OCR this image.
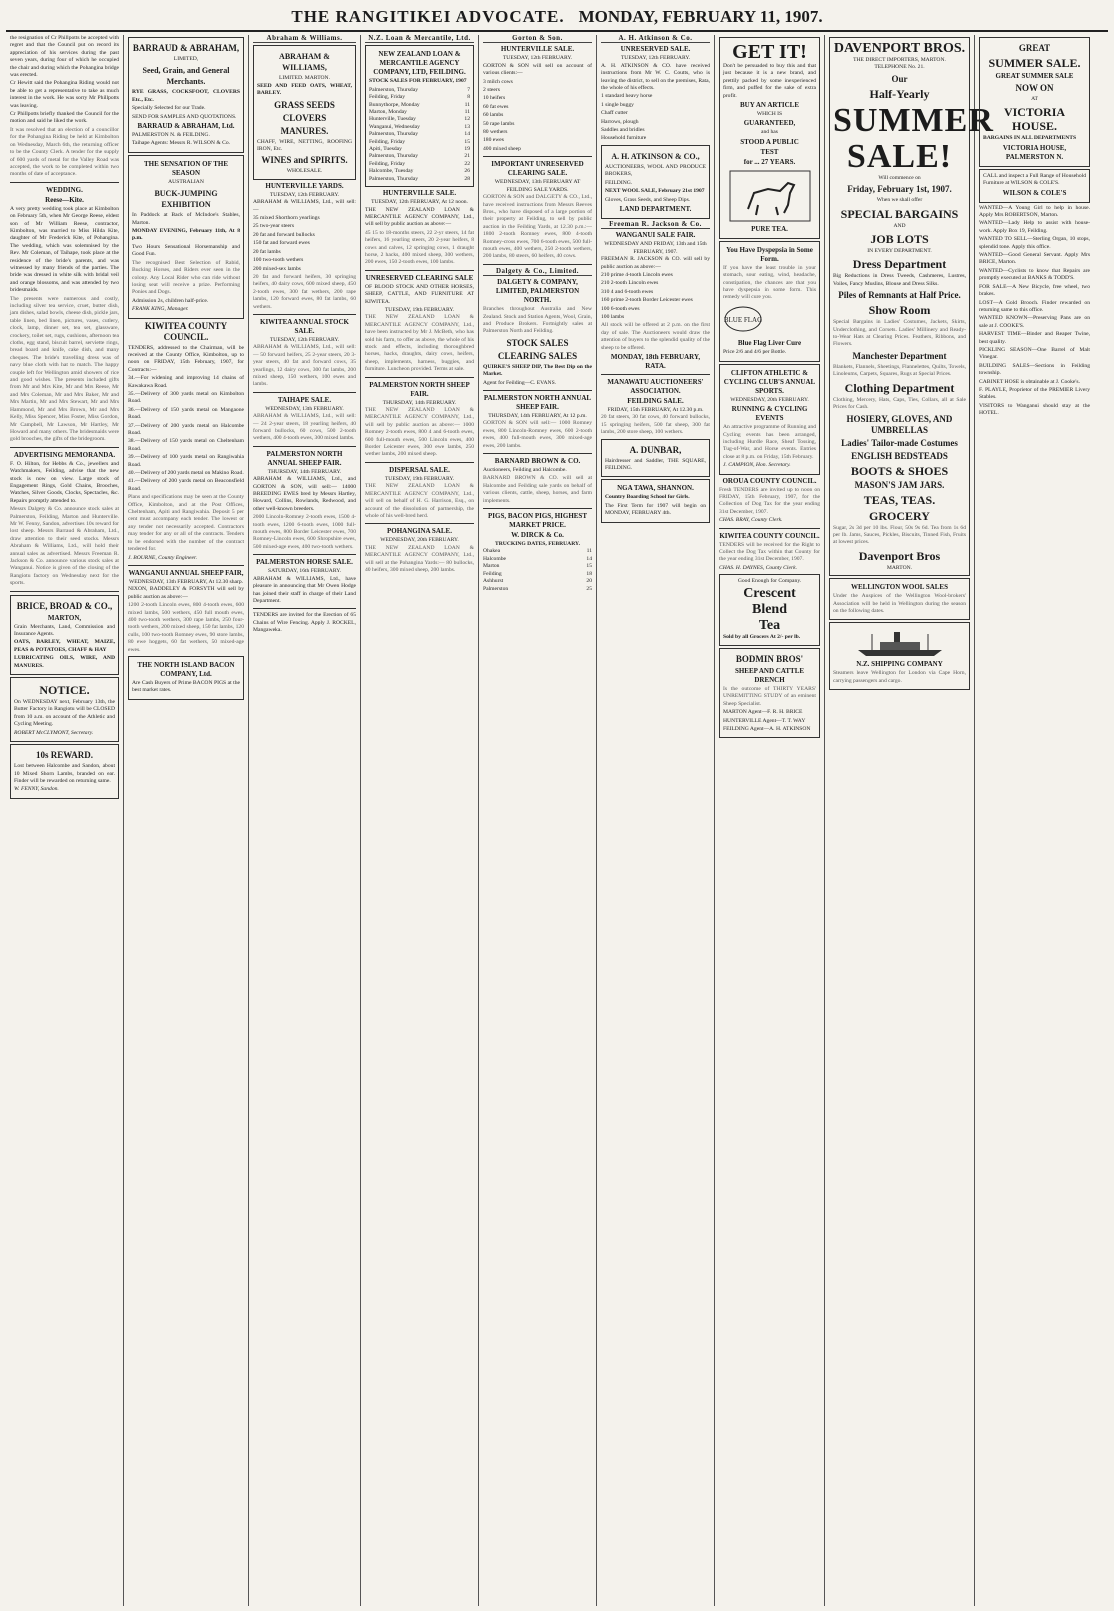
THE RANGITIKEI ADVOCATE. MONDAY, FEBRUARY 11, 1907.

the resignation of Cr Phillpotts be accepted with regret and that the Council put on record its appreciation of his services during the past seven years, during four of which he occupied the chair and during which the Pohangina bridge was erected.

Cr Hewitt said the Pohangina Riding would not be able to get a representative to take as much interest in the work. He was sorry Mr Phillpotts was leaving.

Cr Phillpotts briefly thanked the Council for the motion and said he liked the work.

It was resolved that an election of a councillor for the Pohangina Riding be held at Kimbolton on Wednesday, March 6th, the returning officer to be the County Clerk. A tender for the supply of 600 yards of metal for the Valley Road was accepted, the work to be completed within two months of date of acceptance.

WEDDING.
Reese—Kite.

A very pretty wedding took place at Kimbolton on February 5th, when Mr George Reese, eldest son of Mr William Reese, contractor, Kimbolton, was married to Miss Hilda Kite, daughter of Mr Frederick Kite, of Pohangina. The wedding, which was solemnised by the Rev. Mr Coleman, of Taihape, took place at the residence of the bride's parents, and was witnessed by many friends of the parties. The bride was dressed in white silk with bridal veil and orange blossoms, and was attended by two bridesmaids.

The presents were numerous and costly, including silver tea service, cruet, butter dish, jam dishes, salad bowls, cheese dish, pickle jars, table linen, bed linen, pictures, vases, cutlery, clock, lamp, dinner set, tea set, glassware, crockery, toilet set, rugs, cushions, afternoon tea cloths, egg stand, biscuit barrel, serviette rings, bread board and knife, cake dish, and many cheques. The bride's travelling dress was of navy blue cloth with hat to match. The happy couple left for Wellington amid showers of rice and good wishes. The presents included gifts from Mr and Mrs Kite, Mr and Mrs Reese, Mr and Mrs Coleman, Mr and Mrs Baker, Mr and Mrs Martin, Mr and Mrs Stewart, Mr and Mrs Hammond, Mr and Mrs Brown, Mr and Mrs Kelly, Miss Spencer, Miss Foster, Miss Gordon, Mr Campbell, Mr Lawson, Mr Hartley, Mr Howard and many others. The bridesmaids were gold brooches, the gifts of the bridegroom.

ADVERTISING MEMORANDA.

F. O. Hilton, for Hebbs & Co., jewellers and Watchmakers, Feilding, advise that the new stock is now on view. Large stock of Engagement Rings, Gold Chains, Brooches, Watches, Silver Goods, Clocks, Spectacles, &c. Repairs promptly attended to.

Messrs Dalgety & Co. announce stock sales at Palmerston, Feilding, Marton and Hunterville. Mr W. Fenny, Sandon, advertises 10s reward for lost sheep. Messrs Barraud & Abraham, Ltd., draw attention to their seed stocks. Messrs Abraham & Williams, Ltd., will hold their annual sales as advertised. Messrs Freeman R. Jackson & Co. announce various stock sales at Wanganui. Notice is given of the closing of the Rangiotu factory on Wednesday next for the sports.

BRICE, BROAD & CO.,
MARTON,

Grain Merchants, Land, Commission and Insurance Agents.

OATS, BARLEY, WHEAT, MAIZE, PEAS & POTATOES, CHAFF & HAY

LUBRICATING OILS, WIRE, AND MANURES.

NOTICE.

On WEDNESDAY next, February 13th, the Butter Factory in Rangiotu will be CLOSED from 10 a.m. on account of the Athletic and Cycling Meeting.

ROBERT McCLYMONT, Secretary.

10s REWARD.

Lost between Halcombe and Sandon, about 10 Mixed Shorn Lambs, branded on ear. Finder will be rewarded on returning same.

W. FENNY, Sandon.

BARRAUD & ABRAHAM,
LIMITED,
Seed, Grain, and General Merchants.

RYE GRASS, COCKSFOOT, CLOVERS Etc., Etc.

Specially Selected for our Trade.

SEND FOR SAMPLES AND QUOTATIONS.

BARRAUD & ABRAHAM, Ltd.

PALMERSTON N. & FEILDING.

Taihape Agents: Messrs R. WILSON & Co.

THE SENSATION OF THE SEASON
AUSTRALIAN
BUCK-JUMPING EXHIBITION

In Paddock at Back of McIndoe's Stables, Marton.

MONDAY EVENING, February 11th, At 8 p.m.

Two Hours Sensational Horsemanship and Good Fun.

The recognised Best Selection of Rabid, Bucking Horses, and Riders ever seen in the colony. Any Local Rider who can ride without losing seat will receive a prize. Performing Ponies and Dogs.

Admission 2s, children half-price.

FRANK KING, Manager.

KIWITEA COUNTY COUNCIL.

TENDERS, addressed to the Chairman, will be received at the County Office, Kimbolton, up to noon on FRIDAY, 15th February, 1907, for Contracts:—

34.—For widening and improving 14 chains of Kawakawa Road.

35.—Delivery of 300 yards metal on Kimbolton Road.

36.—Delivery of 150 yards metal on Mangaone Road.

37.—Delivery of 200 yards metal on Halcombe Road.

38.—Delivery of 150 yards metal on Cheltenham Road.

39.—Delivery of 100 yards metal on Rangiwahia Road.

40.—Delivery of 200 yards metal on Makino Road.

41.—Delivery of 200 yards metal on Beaconsfield Road.

Plans and specifications may be seen at the County Office, Kimbolton, and at the Post Offices, Cheltenham, Apiti and Rangiwahia. Deposit 5 per cent must accompany each tender. The lowest or any tender not necessarily accepted. Contractors may tender for any or all of the contracts. Tenders to be endorsed with the number of the contract tendered for.

J. BOURNE, County Engineer.

WANGANUI ANNUAL SHEEP FAIR,
WEDNESDAY, 13th FEBRUARY, At 12.30 sharp.

NIXON, BADDELEY & FORSYTH will sell by public auction as above:—

1200 2-tooth Lincoln ewes, 800 4-tooth ewes, 600 mixed lambs, 500 wethers, 450 full mouth ewes, 400 two-tooth wethers, 300 rape lambs, 250 four-tooth wethers, 200 mixed sheep, 150 fat lambs, 120 culls, 100 two-tooth Romney ewes, 90 store lambs, 80 ewe hoggets, 60 fat wethers, 50 mixed-age ewes.

THE NORTH ISLAND BACON COMPANY, Ltd.

Are Cash Buyers of Prime BACON PIGS at the best market rates.

Abraham & Williams.
ABRAHAM & WILLIAMS,
LIMITED. MARTON.

SEED AND FEED OATS, WHEAT, BARLEY.

GRASS SEEDS
CLOVERS
MANURES.

CHAFF, WIRE, NETTING, ROOFING IRON, Etc.

WINES and SPIRITS.
WHOLESALE.
HUNTERVILLE YARDS.
TUESDAY, 12th FEBRUARY.

ABRAHAM & WILLIAMS, Ltd., will sell:—

35 mixed Shorthorn yearlings

25 two-year steers

20 fat and forward bullocks

150 fat and forward ewes

20 fat lambs

100 two-tooth wethers

200 mixed-sex lambs

20 fat and forward heifers, 30 springing heifers, 40 dairy cows, 600 mixed sheep, 450 2-tooth ewes, 300 fat wethers, 200 rape lambs, 120 forward ewes, 80 fat lambs, 60 wethers.

KIWITEA ANNUAL STOCK SALE.
TUESDAY, 12th FEBRUARY.

ABRAHAM & WILLIAMS, Ltd., will sell:— 50 forward heifers, 25 2-year steers, 20 3-year steers, 40 fat and forward cows, 35 yearlings, 12 dairy cows, 300 fat lambs, 200 mixed sheep, 150 wethers, 100 ewes and lambs.

TAIHAPE SALE.
WEDNESDAY, 13th FEBRUARY.

ABRAHAM & WILLIAMS, Ltd., will sell:— 24 2-year steers, 18 yearling heifers, 40 forward bullocks, 60 cows, 500 2-tooth wethers, 400 4-tooth ewes, 300 mixed lambs.

PALMERSTON NORTH ANNUAL SHEEP FAIR.
THURSDAY, 14th FEBRUARY.

ABRAHAM & WILLIAMS, Ltd., and GORTON & SON, will sell:— 14000 BREEDING EWES bred by Messrs Hartley, Howard, Collins, Rowlands, Redwood, and other well-known breeders.

2000 Lincoln-Romney 2-tooth ewes, 1500 4-tooth ewes, 1200 6-tooth ewes, 1000 full-mouth ewes, 800 Border Leicester ewes, 700 Romney-Lincoln ewes, 600 Shropshire ewes, 500 mixed-age ewes, 400 two-tooth wethers.

PALMERSTON HORSE SALE.
SATURDAY, 16th FEBRUARY.

ABRAHAM & WILLIAMS, Ltd., have pleasure in announcing that Mr Owen Hodge has joined their staff in charge of their Land Department.

TENDERS are invited for the Erection of 65 Chains of Wire Fencing. Apply J. ROCKEL, Mangaweka.

N.Z. Loan & Mercantile, Ltd.
NEW ZEALAND LOAN & MERCANTILE AGENCY COMPANY, LTD, FEILDING.

STOCK SALES FOR FEBRUARY, 1907

Palmerston, Thursday	7
Feilding, Friday	8
Bunnythorpe, Monday	11
Marton, Monday	11
Hunterville, Tuesday	12
Wanganui, Wednesday	13
Palmerston, Thursday	14
Feilding, Friday	15
Apiti, Tuesday	19
Palmerston, Thursday	21
Feilding, Friday	22
Halcombe, Tuesday	26
Palmerston, Thursday	28
HUNTERVILLE SALE.
TUESDAY, 12th FEBRUARY, At 12 noon.

THE NEW ZEALAND LOAN & MERCANTILE AGENCY COMPANY, Ltd., will sell by public auction as above:—

45 15 to 18-months steers, 22 2-yr steers, 14 fat heifers, 16 yearling steers, 20 2-year heifers, 8 cows and calves, 12 springing cows, 1 draught horse, 2 hacks, 400 mixed sheep, 300 wethers, 200 ewes, 150 2-tooth ewes, 100 lambs.

UNRESERVED CLEARING SALE

OF BLOOD STOCK AND OTHER HORSES, SHEEP, CATTLE, AND FURNITURE AT KIWITEA.

TUESDAY, 19th FEBRUARY.

THE NEW ZEALAND LOAN & MERCANTILE AGENCY COMPANY, Ltd., have been instructed by Mr J. McBeth, who has sold his farm, to offer as above, the whole of his stock and effects, including thoroughbred horses, hacks, draughts, dairy cows, heifers, sheep, implements, harness, buggies, and furniture. Luncheon provided. Terms at sale.

PALMERSTON NORTH SHEEP FAIR.
THURSDAY, 14th FEBRUARY.

THE NEW ZEALAND LOAN & MERCANTILE AGENCY COMPANY, Ltd., will sell by public auction as above:— 1000 Romney 2-tooth ewes, 800 4 and 6-tooth ewes, 600 full-mouth ewes, 500 Lincoln ewes, 400 Border Leicester ewes, 300 ewe lambs, 250 wether lambs, 200 mixed sheep.

DISPERSAL SALE.
TUESDAY, 19th FEBRUARY.

THE NEW ZEALAND LOAN & MERCANTILE AGENCY COMPANY, Ltd., will sell on behalf of H. G. Harrison, Esq., on account of the dissolution of partnership, the whole of his well-bred herd.

POHANGINA SALE.
WEDNESDAY, 20th FEBRUARY.

THE NEW ZEALAND LOAN & MERCANTILE AGENCY COMPANY, Ltd., will sell at the Pohangina Yards:— 80 bullocks, 40 heifers, 300 mixed sheep, 200 lambs.

Gorton & Son.
HUNTERVILLE SALE.
TUESDAY, 12th FEBRUARY.

GORTON & SON will sell on account of various clients:—

3 milch cows

2 steers

10 heifers

60 fat ewes

60 lambs

50 rape lambs

80 wethers

180 ewes

400 mixed sheep

IMPORTANT UNRESERVED CLEARING SALE.
WEDNESDAY, 13th FEBRUARY AT FEILDING SALE YARDS.

GORTON & SON and DALGETY & CO., Ltd., have received instructions from Messrs Reeves Bros., who have disposed of a large portion of their property at Feilding, to sell by public auction in the Feilding Yards, at 12.30 p.m.:— 1800 2-tooth Romney ewes, 800 4-tooth Romney-cross ewes, 700 6-tooth ewes, 500 full-mouth ewes, 400 wethers, 250 2-tooth wethers, 200 lambs, 80 steers, 60 heifers, 40 cows.

Dalgety & Co., Limited.
DALGETY & COMPANY, LIMITED, PALMERSTON NORTH.

Branches throughout Australia and New Zealand. Stock and Station Agents, Wool, Grain, and Produce Brokers. Fortnightly sales at Palmerston North and Feilding.

STOCK SALES
CLEARING SALES

QUIRKE'S SHEEP DIP, The Best Dip on the Market.

Agent for Feilding—C. EVANS.

PALMERSTON NORTH ANNUAL SHEEP FAIR.
THURSDAY, 14th FEBRUARY, At 12 p.m.

GORTON & SON will sell:— 1000 Romney ewes, 800 Lincoln-Romney ewes, 600 2-tooth ewes, 400 full-mouth ewes, 300 mixed-age ewes, 200 lambs.

BARNARD BROWN & CO.

Auctioneers, Feilding and Halcombe.

BARNARD BROWN & CO. will sell at Halcombe and Feilding sale yards on behalf of various clients, cattle, sheep, horses, and farm implements.

PIGS, BACON PIGS, HIGHEST MARKET PRICE.
W. DIRCK & Co.
TRUCKING DATES, FEBRUARY.
Ohakea	11
Halcombe	14
Marton	15
Feilding	18
Ashhurst	20
Palmerston	25
A. H. Atkinson & Co.
UNRESERVED SALE.
TUESDAY, 12th FEBRUARY.

A. H. ATKINSON & CO. have received instructions from Mr W. C. Coutts, who is leaving the district, to sell on the premises, Rata, the whole of his effects.

1 standard heavy horse

1 single buggy

Chaff cutter

Harrows, plough

Saddles and bridles

Household furniture

A. H. ATKINSON & CO.,

AUCTIONEERS, WOOL AND PRODUCE BROKERS,

FEILDING.

NEXT WOOL SALE, February 21st 1907

Gloves, Grass Seeds, and Sheep Dips.

LAND DEPARTMENT.
Freeman R. Jackson & Co.
WANGANUI SALE FAIR.
WEDNESDAY AND FRIDAY, 13th and 15th FEBRUARY, 1907.

FREEMAN R. JACKSON & CO. will sell by public auction as above:—

210 prime 4-tooth Lincoln ewes

210 2-tooth Lincoln ewes

310 4 and 6-tooth ewes

160 prime 2-tooth Border Leicester ewes

100 6-tooth ewes

100 lambs

All stock will be offered at 2 p.m. on the first day of sale. The Auctioneers would draw the attention of buyers to the splendid quality of the sheep to be offered.

MONDAY, 18th FEBRUARY, RATA.
MANAWATU AUCTIONEERS' ASSOCIATION.
FEILDING SALE.
FRIDAY, 15th FEBRUARY, At 12.30 p.m.

20 fat steers, 30 fat cows, 40 forward bullocks, 15 springing heifers, 500 fat sheep, 300 fat lambs, 200 store sheep, 100 wethers.

A. DUNBAR,

Hairdresser and Saddler, THE SQUARE, FEILDING.

NGA TAWA, SHANNON.

Country Boarding School for Girls.

The First Term for 1907 will begin on MONDAY, FEBRUARY 4th.

GET IT!

Don't be persuaded to buy this and that just because it is a new brand, and prettily packed by some inexperienced firm, and puffed for the sake of extra profit.

BUY AN ARTICLE
WHICH IS
GUARANTEED,
and has
STOOD A PUBLIC
TEST
for ... 27 YEARS.
PURE TEA.
You Have Dyspepsia in Some Form.

If you have the least trouble in your stomach, sour eating, wind, headache, constipation, the chances are that you have dyspepsia in some form. This remedy will cure you.

BLUE FLAG
Blue Flag Liver Cure

Price 2/6 and 4/6 per Bottle.

CLIFTON ATHLETIC & CYCLING CLUB'S ANNUAL SPORTS.
WEDNESDAY, 20th FEBRUARY.
RUNNING & CYCLING EVENTS

An attractive programme of Running and Cycling events has been arranged, including Hurdle Race, Sheaf Tossing, Tug-of-War, and Horse events. Entries close at 8 p.m. on Friday, 15th February.

J. CAMPION, Hon. Secretary.

OROUA COUNTY COUNCIL.

Fresh TENDERS are invited up to noon on FRIDAY, 15th February, 1907, for the Collection of Dog Tax for the year ending 31st December, 1907.

CHAS. BRAY, County Clerk.

KIWITEA COUNTY COUNCIL.

TENDERS will be received for the Right to Collect the Dog Tax within that County for the year ending 31st December, 1907.

CHAS. H. DAYNES, County Clerk.

Good Enough for Company.
Crescent
Blend
Tea

Sold by all Grocers At 2/- per lb.

BODMIN BROS'
SHEEP AND CATTLE DRENCH

Is the outcome of THIRTY YEARS' UNREMITTING STUDY of an eminent Sheep Specialist.

MARTON Agent—F. R. H. BRICE

HUNTERVILLE Agent—T. T. WAY

FEILDING Agent—A. H. ATKINSON

DAVENPORT BROS.
THE DIRECT IMPORTERS, MARTON.
TELEPHONE No. 21.
Our
Half-Yearly
SUMMER
SALE!
Will commence on
Friday, February 1st, 1907.
When we shall offer
SPECIAL BARGAINS
AND
JOB LOTS
IN EVERY DEPARTMENT.
Dress Department

Big Reductions in Dress Tweeds, Cashmeres, Lustres, Voiles, Fancy Muslins, Blouse and Dress Silks.

Piles of Remnants at Half Price.
Show Room

Special Bargains in Ladies' Costumes, Jackets, Skirts, Underclothing, and Corsets. Ladies' Millinery and Ready-to-Wear Hats at Clearing Prices. Feathers, Ribbons, and Flowers.

Manchester Department

Blankets, Flannels, Sheetings, Flannelettes, Quilts, Towels, Linoleums, Carpets, Squares, Rugs at Special Prices.

Clothing Department

Clothing, Mercery, Hats, Caps, Ties, Collars, all at Sale Prices for Cash.

HOSIERY, GLOVES, AND UMBRELLAS
Ladies' Tailor-made Costumes
ENGLISH BEDSTEADS
BOOTS & SHOES
MASON'S JAM JARS.
TEAS, TEAS.
GROCERY

Sugar, 2s 3d per 10 lbs. Flour, 50s 9s 6d. Tea from 1s 6d per lb. Jams, Sauces, Pickles, Biscuits, Tinned Fish, Fruits at lowest prices.

Davenport Bros
MARTON.
WELLINGTON WOOL SALES

Under the Auspices of the Wellington Wool-brokers' Association will be held in Wellington during the season on the following dates.

N.Z. SHIPPING COMPANY

Steamers leave Wellington for London via Cape Horn, carrying passengers and cargo.

GREAT
SUMMER SALE.
GREAT SUMMER SALE
NOW ON
AT
VICTORIA HOUSE.

BARGAINS IN ALL DEPARTMENTS

VICTORIA HOUSE, PALMERSTON N.

CALL and inspect a Full Range of Household Furniture at WILSON & COLE'S.

WILSON & COLE'S

WANTED—A Young Girl to help in house. Apply Mrs ROBERTSON, Marton.

WANTED—Lady Help to assist with house-work. Apply Box 19, Feilding.

WANTED TO SELL—Sterling Organ, 10 stops, splendid tone. Apply this office.

WANTED—Good General Servant. Apply Mrs BRICE, Marton.

WANTED—Cyclists to know that Repairs are promptly executed at BANKS & TODD'S.

FOR SALE—A New Bicycle, free wheel, two brakes.

LOST—A Gold Brooch. Finder rewarded on returning same to this office.

WANTED KNOWN—Preserving Pans are on sale at J. COOKE'S.

HARVEST TIME—Binder and Reaper Twine, best quality.

PICKLING SEASON—One Barrel of Malt Vinegar.

BUILDING SALES—Sections in Feilding township.

CABINET HOSE is obtainable at J. Cooke's.

F. PLAYLE, Proprietor of the PREMIER Livery Stables.

VISITORS to Wanganui should stay at the HOTEL.
